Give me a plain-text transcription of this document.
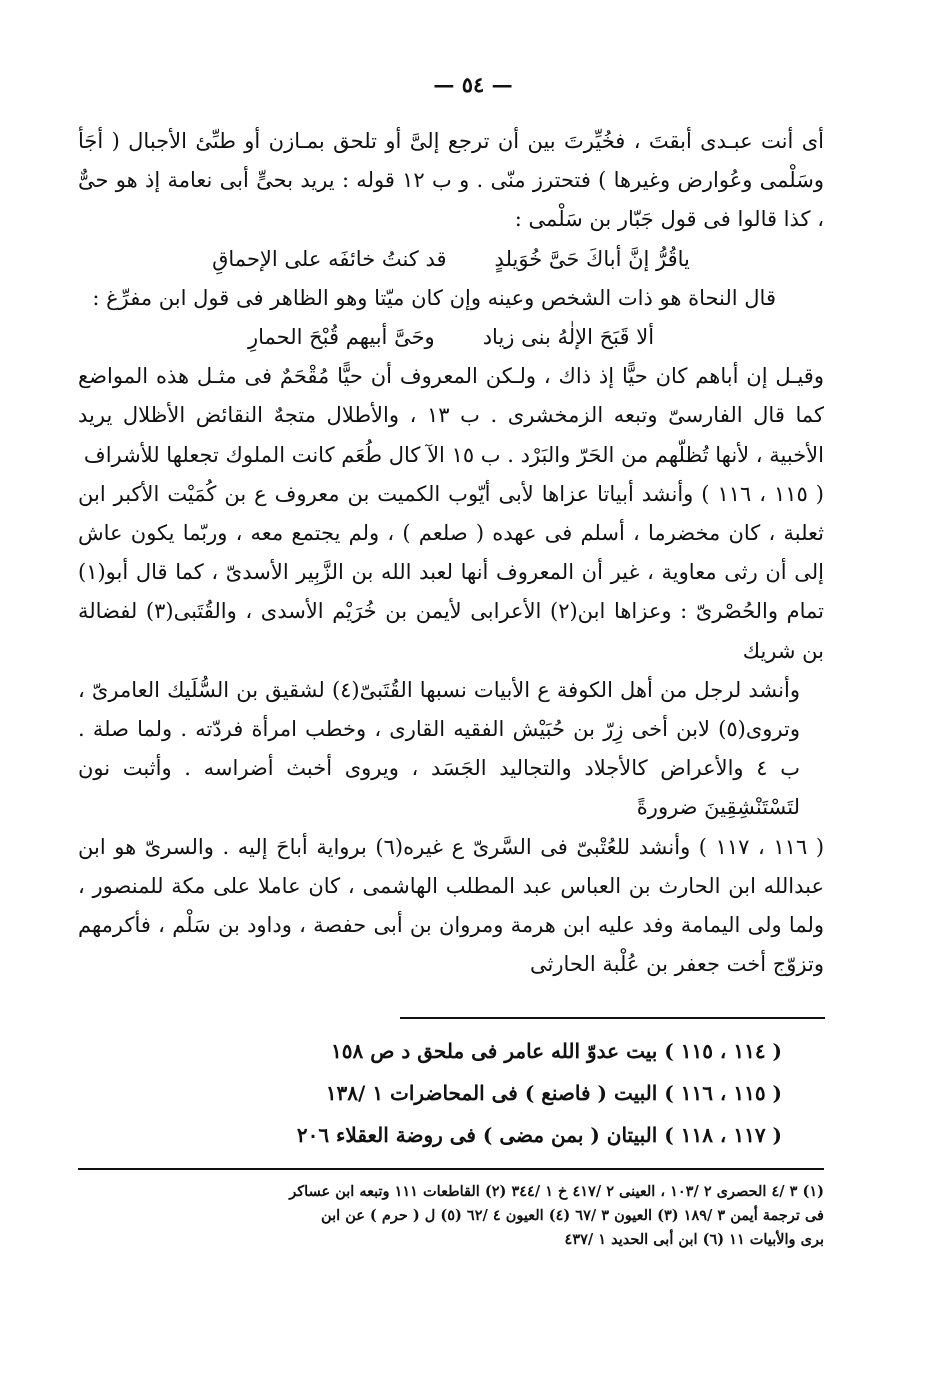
— ٥٤ —

أى أنت عبـدى أبقتَ ، فخُيِّرتَ بين أن ترجع إلىَّ أو تلحق بمـازن أو طىِّئ الأجبال ( أجَأ وسَلْمى وعُوارض وغيرها ) فتحترز منّى . و ب ١٢ قوله : يريد بحىٍّ أبى نعامة إذ هو حىٌّ ، كذا قالوا فى قول جَبّار بن سَلْمى :

ياقُرُّ إنَّ أباكَ حَىَّ خُوَيلدٍ
قد كنتُ خائفَه على الإحماقِ

قال النحاة هو ذات الشخص وعينه وإن كان ميّتا وهو الظاهر فى قول ابن مفرِّغ :

ألا قَبَحَ الإلٰهُ بنى زياد
وحَىَّ أبيهم قُبْحَ الحمارِ

وقيـل إن أباهم كان حيًّا إذ ذاك ، ولـكن المعروف أن حيًّا مُقْحَمٌ فى مثـل هذه المواضع كما قال الفارسىّ وتبعه الزمخشرى . ب ١٣ ، والأطلال متجهٌ النقائض الأظلال يريد الأخبية ، لأنها تُظلّهم من الحَرّ والبَرْد . ب ١٥ الآ كال طُعَم كانت الملوك تجعلها للأشراف

( ١١٥ ، ١١٦ ) وأنشد أبياتا عزاها لأبى أيّوب الكميت بن معروف ع بن كُمَيْت الأكبر ابن ثعلبة ، كان مخضرما ، أسلم فى عهده ( صلعم ) ، ولم يجتمع معه ، وربّما يكون عاش إلى أن رثى معاوية ، غير أن المعروف أنها لعبد الله بن الزَّبِير الأسدىّ ، كما قال أبو(١) تمام والحُصْرىّ : وعزاها ابن(٢) الأعرابى لأيمن بن خُرَيْم الأسدى ، والقُتَبى(٣) لفضالة بن شريك

وأنشد لرجل من أهل الكوفة ع الأبيات نسبها القُتَبىّ(٤) لشقيق بن السُّلَيك العامرىّ ، وتروى(٥) لابن أخى زِرّ بن حُبَيْش الفقيه القارى ، وخطب امرأة فردّته . ولما صلة . ب ٤ والأعراض كالأجلاد والتجاليد الجَسَد ، ويروى أخبث أضراسه . وأثبت نون لتَسْتَنْشِقِينَ ضرورةً

( ١١٦ ، ١١٧ ) وأنشد للعُتْبىّ فى السَّرىّ ع غيره(٦) برواية أباحَ إليه . والسرىّ هو ابن عبدالله ابن الحارث بن العباس عبد المطلب الهاشمى ، كان عاملا على مكة للمنصور ، ولما ولى اليمامة وفد عليه ابن هرمة ومروان بن أبى حفصة ، وداود بن سَلْم ، فأكرمهم وتزوّج أخت جعفر بن عُلْبة الحارثى

( ١١٤ ، ١١٥ ) بيت عدوّ الله عامر فى ملحق د ص ١٥٨
( ١١٥ ، ١١٦ ) البيت ( فاصنع ) فى المحاضرات ١ /١٣٨
( ١١٧ ، ١١٨ ) البيتان ( بمن مضى ) فى روضة العقلاء ٢٠٦
(١) ٣ /٤ الحصرى ٢ /١٠٣ ، العينى ٢ /٤١٧ خ ١ /٣٤٤ (٢) القاطعات ١١١ وتبعه ابن عساكر
فى ترجمة أيمن ٣ /١٨٩ (٣) العيون ٣ /٦٧ (٤) العيون ٤ /٦٢ (٥) ل ( حرم ) عن ابن
برى والأبيات ١١ (٦) ابن أبى الحديد ١ /٤٣٧
